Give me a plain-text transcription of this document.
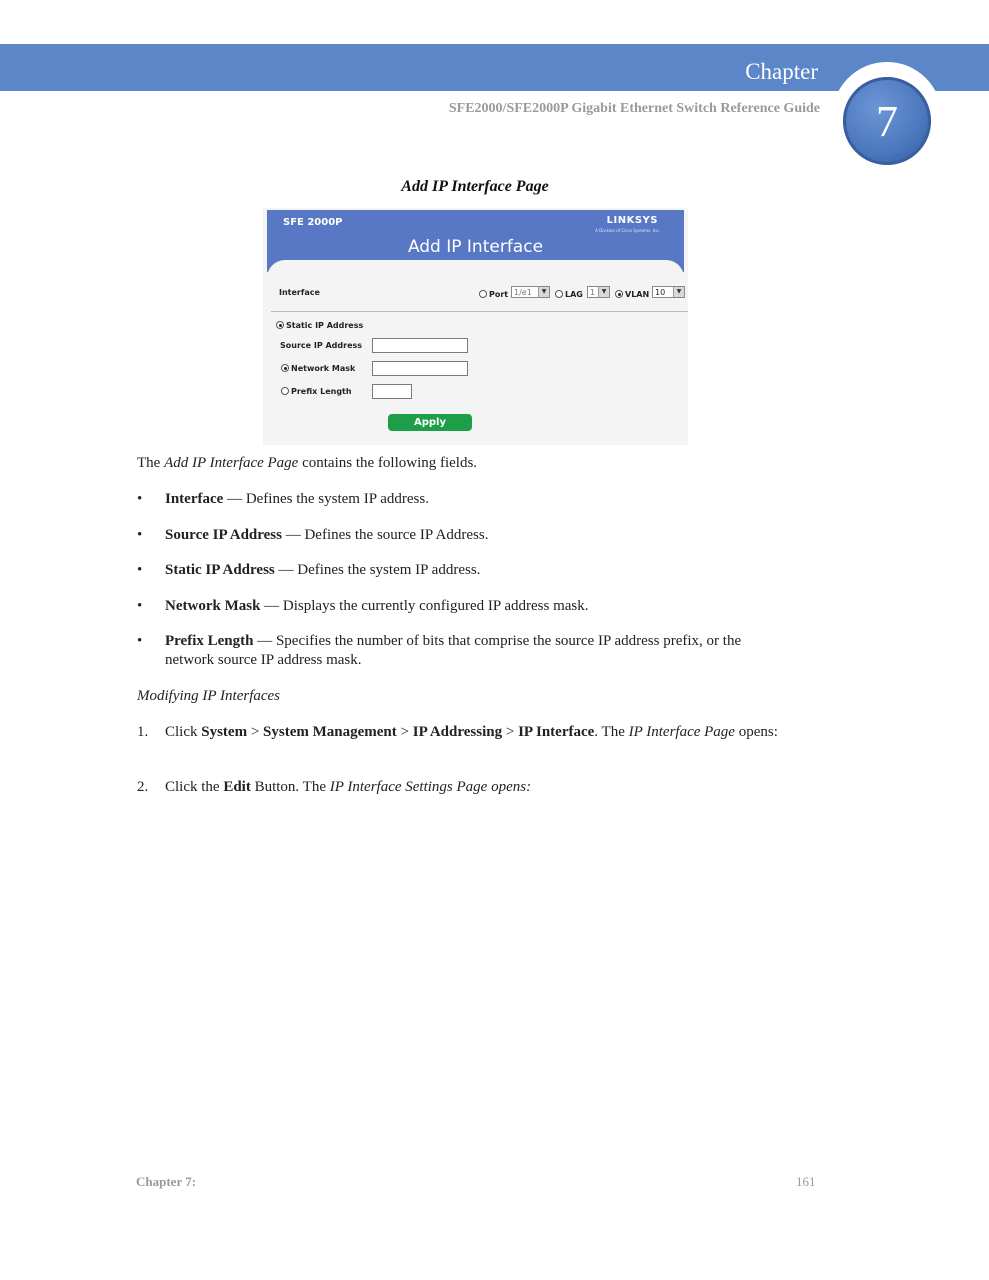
Chapter
SFE2000/SFE2000P Gigabit Ethernet Switch Reference Guide 7
Add IP Interface Page
SFE 2000P	LINKSYS
A Division of Cisco Systems, Inc.
Add IP Interface
Interface	Port 1/e1	▼	LAG 1	▼	VLAN 10	▼
Static IP Address
Source IP Address
Network Mask
Prefix Length
Apply
The Add IP Interface Page contains the following fields.
• Interface — Defines the system IP address.
• Source IP Address — Defines the source IP Address.
• Static IP Address — Defines the system IP address.
• Network Mask — Displays the currently configured IP address mask.
• Prefix Length — Specifies the number of bits that comprise the source IP address prefix, or the network source IP address mask.
Modifying IP Interfaces
1. Click System > System Management > IP Addressing > IP Interface. The IP Interface Page opens:
2. Click the Edit Button. The IP Interface Settings Page opens:
Chapter 7:	161
